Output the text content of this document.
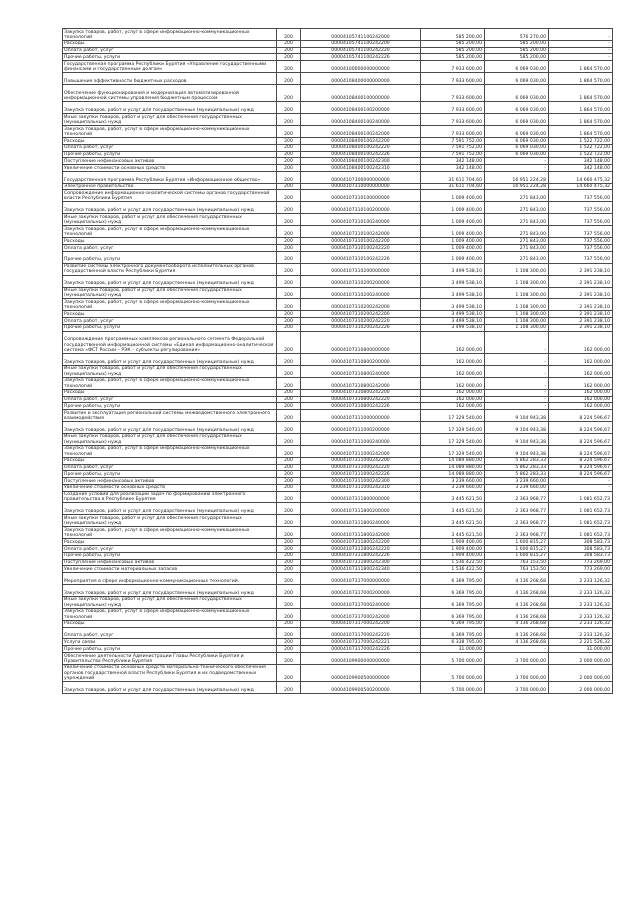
Закупка товаров, работ, услуг в сфере информационно-коммуникационных технологий	200	00004105741100242000	585 200,00	576 270,00	-
Расходы	200	00004105741100242200	585 200,00	585 200,00	-
Оплата работ, услуг	200	00004105741100242220	585 200,00	585 200,00	-
Прочие работы, услуги	200	00004105741100242226	585 200,00	585 200,00	-
Государственная программа Республики Бурятия «Управление государственными финансами и государственным долгом»	200	00004100000000000000	7 933 600,00	6 069 030,00	1 864 570,00
Повышение эффективности бюджетных расходов	200	00004108400000000000	7 933 600,00	6 069 030,00	1 864 570,00
Обеспечение функционирования и модернизация автоматизированной информационной системы управления бюджетным процессом	200	00004108400100000000	7 933 600,00	6 069 030,00	1 864 570,00
Закупка товаров, работ и услуг для государственных (муниципальных) нужд	200	00004108400100200000	7 933 600,00	6 069 030,00	1 864 570,00
Иные закупки товаров, работ и услуг для обеспечения государственных (муниципальных) нужд	200	00004108400100240000	7 933 600,00	6 069 030,00	1 864 570,00
Закупка товаров, работ, услуг в сфере информационно-коммуникационных технологий	200	00004108400100242000	7 933 600,00	6 069 030,00	1 864 570,00
Расходы	200	00004108400100242200	7 591 752,00	6 069 030,00	1 522 722,00
Оплата работ, услуг	200	00004108400100242220	7 591 752,00	6 069 030,00	1 522 722,00
Прочие работы, услуги	200	00004108400100242226	7 591 752,00	6 069 030,00	1 522 722,00
Поступление нефинансовых активов	200	00004108400100242300	342 148,00	-	342 148,00
Увеличение стоимости основных средств	200	00004108400100242310	342 148,00	-	342 148,00
Государственная программа Республики Бурятия «Информационное общество»	200	00004107300000000000	31 611 704,60	16 951 224,28	14 660 475,32
Электронное правительство	200	00004107310000000000	31 611 704,60	16 951 224,28	14 660 475,32
Сопровождение информационно-аналитической системы органов государственной власти Республики Бурятия	200	00004107310100000000	1 009 400,00	271 843,00	737 556,00
Закупка товаров, работ и услуг для государственных (муниципальных) нужд	200	00004107310100200000	1 009 400,00	271 843,00	737 556,00
Иные закупки товаров, работ и услуг для обеспечения государственных (муниципальных) нужд	200	00004107310100240000	1 009 400,00	271 843,00	737 556,00
Закупка товаров, работ, услуг в сфере информационно-коммуникационных технологий	200	00004107310100242000	1 009 400,00	271 843,00	737 556,00
Расходы	200	00004107310100242200	1 009 400,00	271 843,00	737 556,00
Оплата работ, услуг	200	00004107310100242220	1 009 400,00	271 843,00	737 556,00
Прочие работы, услуги	200	00004107310100242226	1 009 400,00	271 843,00	737 556,00
Развитие системы электронного документооборота исполнительных органов государственной власти Республики Бурятия	200	00004107310200000000	3 499 538,10	1 108 300,00	2 391 238,10
Закупка товаров, работ и услуг для государственных (муниципальных) нужд	200	00004107310200200000	3 499 538,10	1 108 300,00	2 391 238,10
Иные закупки товаров, работ и услуг для обеспечения государственных (муниципальных) нужд	200	00004107310200240000	3 499 538,10	1 108 300,00	2 391 238,10
Закупка товаров, работ, услуг в сфере информационно-коммуникационных технологий	200	00004107310200242000	3 499 538,10	1 108 300,00	2 391 238,10
Расходы	200	00004107310200242200	3 499 538,10	1 108 300,00	2 391 238,10
Оплата работ, услуг	200	00004107310200242220	3 499 538,10	1 108 300,00	2 391 238,10
Прочие работы, услуги	200	00004107310200242226	3 499 538,10	1 108 300,00	2 391 238,10
Сопровождение программных комплексов регионального сегмента Федеральной государственной информационной системы «Единая информационно-аналитическая система «ФСТ России – РЭК – субъекты регулирования»	200	00004107310800000000	162 000,00	-	162 000,00
Закупка товаров, работ и услуг для государственных (муниципальных) нужд	200	00004107310800200000	162 000,00	-	162 000,00
Иные закупки товаров, работ и услуг для обеспечения государственных (муниципальных) нужд	200	00004107310800240000	162 000,00	-	162 000,00
Закупка товаров, работ, услуг в сфере информационно-коммуникационных технологий	200	00004107310800242000	162 000,00	-	162 000,00
Расходы	200	00004107310800242200	162 000,00	-	162 000,00
Оплата работ, услуг	200	00004107310800242220	162 000,00	-	162 000,00
Прочие работы, услуги	200	00004107310800242226	162 000,00	-	162 000,00
Развитие и эксплуатация региональной системы межведомственного электронного взаимодействия	200	00004107311000000000	17 329 540,00	9 104 943,38	8 224 596,67
Закупка товаров, работ и услуг для государственных (муниципальных) нужд	200	00004107311000200000	17 329 540,00	9 104 943,38	8 224 596,67
Иные закупки товаров, работ и услуг для обеспечения государственных (муниципальных) нужд	200	00004107311000240000	17 329 540,00	9 104 943,38	8 224 596,67
Закупка товаров, работ, услуг в сфере информационно-коммуникационных технологий	200	00004107311000242000	17 329 540,00	9 104 943,38	8 224 596,67
Расходы	200	00004107311000242200	14 089 880,00	5 862 283,33	8 224 596,67
Оплата работ, услуг	200	00004107311000242220	14 089 880,00	5 862 283,33	8 224 596,67
Прочие работы, услуги	200	00004107311000242226	14 089 880,00	5 862 283,33	8 224 596,67
Поступление нефинансовых активов	200	00004107311000242300	3 239 660,00	3 239 660,00	-
Увеличение стоимости основных средств	200	00004107311000242310	3 239 660,00	3 239 660,00	-
Создание условий для реализации задач по формированию электронного правительства в Республике Бурятия	200	00004107311800000000	3 445 621,50	2 363 968,77	1 081 652,73
Закупка товаров, работ и услуг для государственных (муниципальных) нужд	200	00004107311800200000	3 445 621,50	2 363 968,77	1 081 652,73
Иные закупки товаров, работ и услуг для обеспечения государственных (муниципальных) нужд	200	00004107311800240000	3 445 621,50	2 363 968,77	1 081 652,73
Закупка товаров, работ, услуг в сфере информационно-коммуникационных технологий	200	00004107311800242000	3 445 621,50	2 363 968,77	1 081 652,73
Расходы	200	00004107311800242200	1 909 400,00	1 600 815,27	308 583,73
Оплата работ, услуг	200	00004107311800242220	1 909 400,00	1 600 815,27	308 583,73
Прочие работы, услуги	200	00004107311800242226	1 909 400,00	1 600 815,27	308 583,73
Поступление нефинансовых активов	200	00004107311800242300	1 536 422,50	763 153,50	773 269,00
Увеличение стоимости материальных запасов	200	00004107311800242340	1 536 422,50	763 153,50	773 269,00
Мероприятия в сфере информационно-коммуникационных технологий	200	00004107317000000000	6 369 795,00	4 136 268,68	2 233 126,32
Закупка товаров, работ и услуг для государственных (муниципальных) нужд	200	00004107317000200000	6 369 795,00	4 136 268,68	2 233 126,32
Иные закупки товаров, работ и услуг для обеспечения государственных (муниципальных) нужд	200	00004107317000240000	6 369 795,00	4 136 268,68	2 233 126,32
Закупка товаров, работ, услуг в сфере информационно-коммуникационных технологий	200	00004107317000242000	6 369 795,00	4 136 268,68	2 233 126,32
Расходы	200	00004107317000242200	6 369 795,00	4 136 268,68	2 233 126,32
Оплата работ, услуг	200	00004107317000242220	6 369 795,00	4 136 268,68	2 233 126,32
Услуги связи	200	00004107317000242221	6 338 795,00	4 136 268,68	2 221 526,32
Прочие работы, услуги	200	00004107317000242226	31 000,00	-	31 000,00
Обеспечение деятельности Администрации Главы Республики Бурятия и Правительства Республики Бурятия	200	00004109900000000000	5 700 000,00	3 700 000,00	2 000 000,00
Увеличение стоимости основных средств материально-технического обеспечения органов государственной власти Республики Бурятия и их подведомственных учреждений	200	00004109900500000000	5 700 000,00	3 700 000,00	2 000 000,00
Закупка товаров, работ и услуг для государственных (муниципальных) нужд	200	00004109900500200000	5 700 000,00	3 700 000,00	2 000 000,00
